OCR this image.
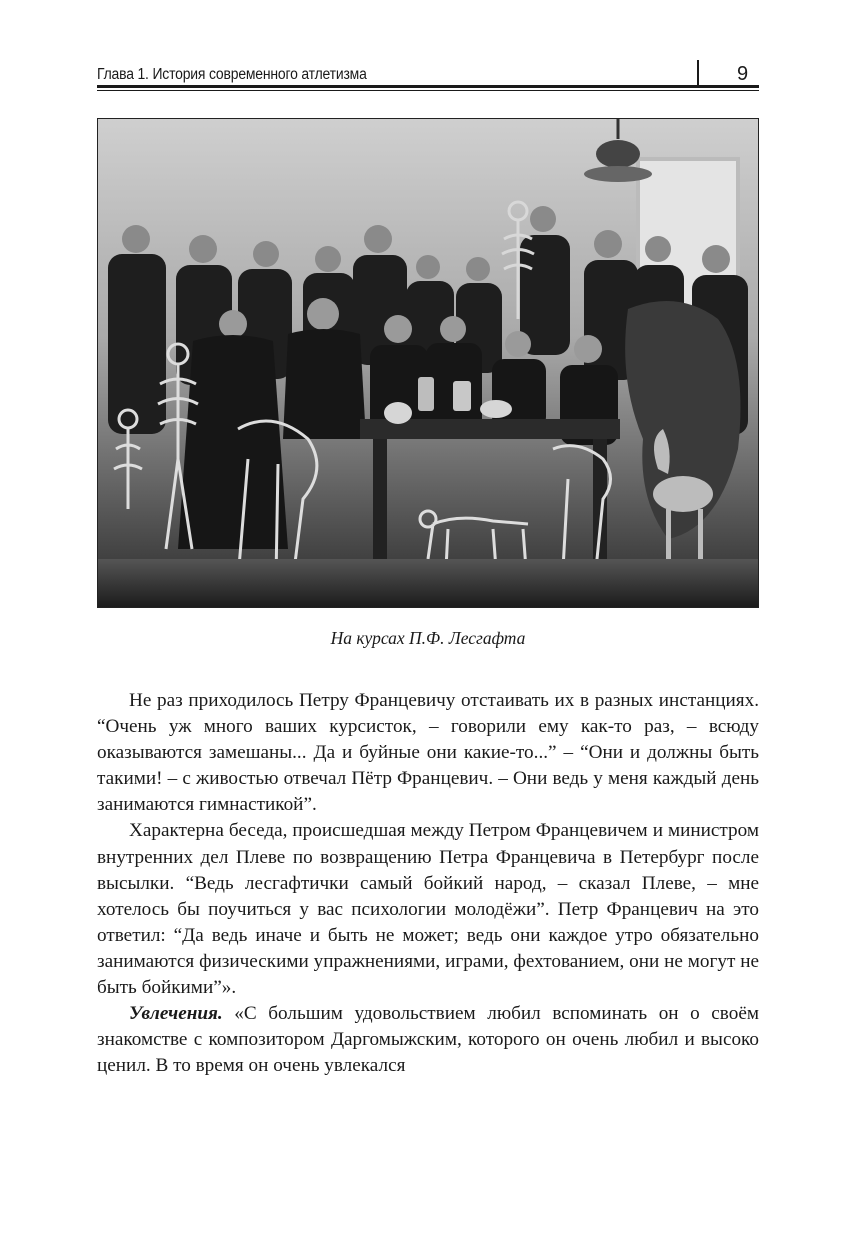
Глава 1. История современного атлетизма	9
На курсах П.Ф. Лесгафта

Не раз приходилось Петру Францевичу отстаивать их в разных инстанциях. “Очень уж много ваших курсисток, – говорили ему как-то раз, – всюду оказываются замешаны... Да и буйные они какие-то...” – “Они и должны быть такими! – с живостью отвечал Пётр Францевич. – Они ведь у меня каждый день занимаются гимнастикой”.

Характерна беседа, происшедшая между Петром Францевичем и министром внутренних дел Плеве по возвращению Петра Францевича в Петербург после высылки. “Ведь лесгафтички самый бойкий народ, – сказал Плеве, – мне хотелось бы поучиться у вас психологии молодёжи”. Петр Францевич на это ответил: “Да ведь иначе и быть не может; ведь они каждое утро обязательно занимаются физическими упражнениями, играми, фехтованием, они не могут не быть бойкими”».

Увлечения. «С большим удовольствием любил вспоминать он о своём знакомстве с композитором Даргомыжским, которого он очень любил и высоко ценил. В то время он очень увлекался
